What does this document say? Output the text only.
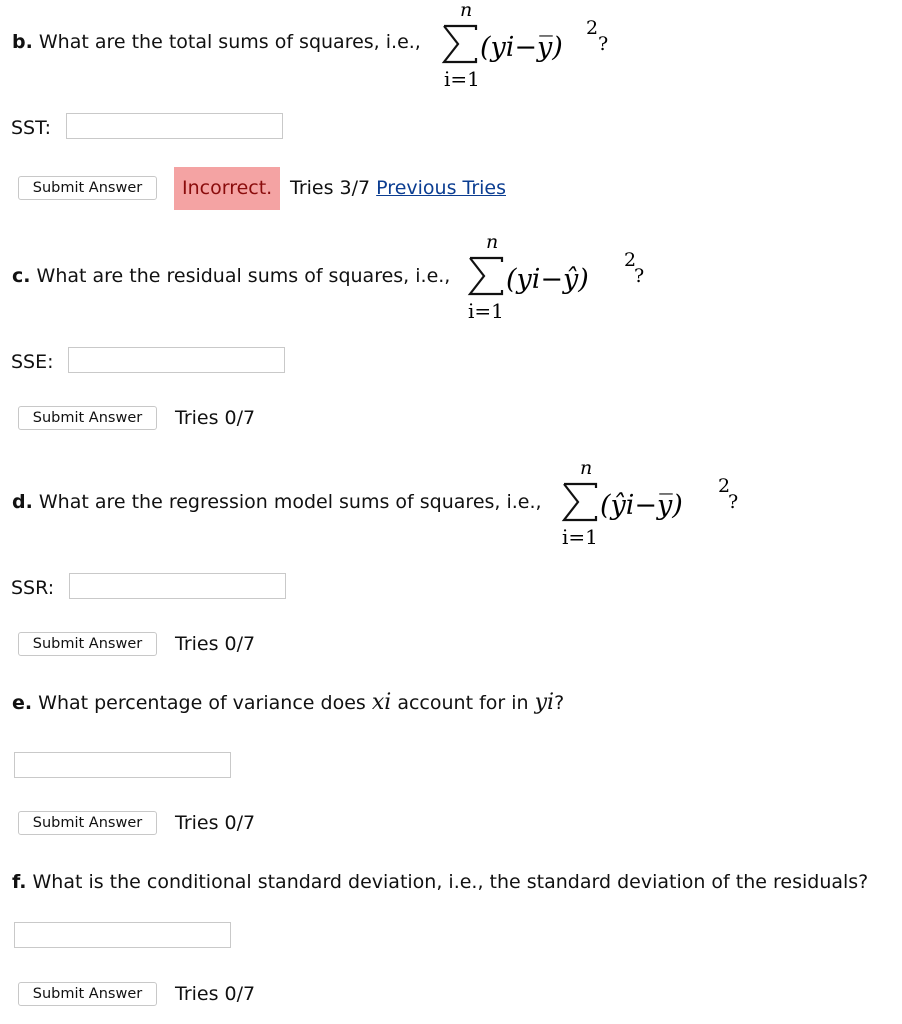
b. What are the total sums of squares, i.e.,
n
i=1
(yi−y̅)
2
?
SST:
Submit Answer	Incorrect. Tries 3/7 Previous Tries
c. What are the residual sums of squares, i.e.,
n
i=1
(yi−ŷ)
2
?
SSE:
Submit Answer	Tries 0/7
d. What are the regression model sums of squares, i.e.,
n
i=1
(ŷi−y̅)
2
?
SSR:
Submit Answer	Tries 0/7
e. What percentage of variance does xi account for in yi?
Submit Answer	Tries 0/7
f. What is the conditional standard deviation, i.e., the standard deviation of the residuals?
Submit Answer	Tries 0/7
